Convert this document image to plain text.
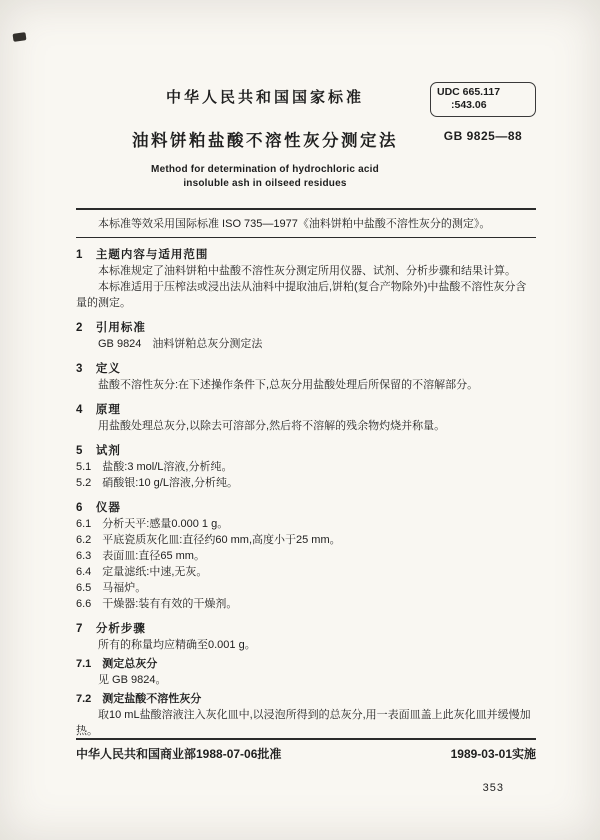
中华人民共和国国家标准
油料饼粕盐酸不溶性灰分测定法
Method for determination of hydrochloric acid
insoluble ash in oilseed residues
UDC 665.117
:543.06
GB 9825—88

本标准等效采用国际标准 ISO 735—1977《油料饼粕中盐酸不溶性灰分的测定》。

1　主题内容与适用范围

本标准规定了油料饼粕中盐酸不溶性灰分测定所用仪器、试剂、分析步骤和结果计算。

本标准适用于压榨法或浸出法从油料中提取油后,饼粕(复合产物除外)中盐酸不溶性灰分含量的测定。

2　引用标准

GB 9824　油料饼粕总灰分测定法

3　定义

盐酸不溶性灰分:在下述操作条件下,总灰分用盐酸处理后所保留的不溶解部分。

4　原理

用盐酸处理总灰分,以除去可溶部分,然后将不溶解的残余物灼烧并称量。

5　试剂

5.1　盐酸:3 mol/L溶液,分析纯。

5.2　硝酸银:10 g/L溶液,分析纯。

6　仪器

6.1　分析天平:感量0.000 1 g。

6.2　平底瓷质灰化皿:直径约60 mm,高度小于25 mm。

6.3　表面皿:直径65 mm。

6.4　定量滤纸:中速,无灰。

6.5　马福炉。

6.6　干燥器:装有有效的干燥剂。

7　分析步骤

所有的称量均应精确至0.001 g。

7.1　测定总灰分

见 GB 9824。

7.2　测定盐酸不溶性灰分

取10 mL盐酸溶液注入灰化皿中,以浸泡所得到的总灰分,用一表面皿盖上此灰化皿并缓慢加热。

中华人民共和国商业部1988-07-06批准	1989-03-01实施
353
